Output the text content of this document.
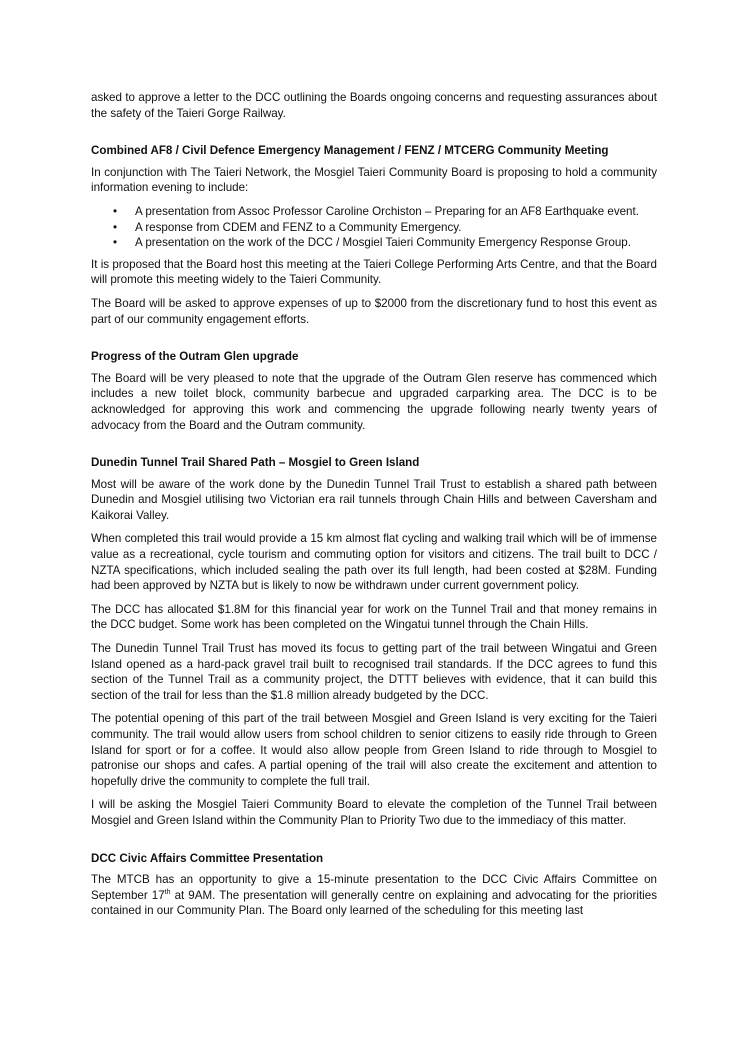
asked to approve a letter to the DCC outlining the Boards ongoing concerns and requesting assurances about the safety of the Taieri Gorge Railway.

Combined AF8 / Civil Defence Emergency Management / FENZ / MTCERG Community Meeting

In conjunction with The Taieri Network, the Mosgiel Taieri Community Board is proposing to hold a community information evening to include:

• A presentation from Assoc Professor Caroline Orchiston – Preparing for an AF8 Earthquake event.
• A response from CDEM and FENZ to a Community Emergency.
• A presentation on the work of the DCC / Mosgiel Taieri Community Emergency Response Group.

It is proposed that the Board host this meeting at the Taieri College Performing Arts Centre, and that the Board will promote this meeting widely to the Taieri Community.

The Board will be asked to approve expenses of up to $2000 from the discretionary fund to host this event as part of our community engagement efforts.

Progress of the Outram Glen upgrade

The Board will be very pleased to note that the upgrade of the Outram Glen reserve has commenced which includes a new toilet block, community barbecue and upgraded carparking area. The DCC is to be acknowledged for approving this work and commencing the upgrade following nearly twenty years of advocacy from the Board and the Outram community.

Dunedin Tunnel Trail Shared Path – Mosgiel to Green Island

Most will be aware of the work done by the Dunedin Tunnel Trail Trust to establish a shared path between Dunedin and Mosgiel utilising two Victorian era rail tunnels through Chain Hills and between Caversham and Kaikorai Valley.

When completed this trail would provide a 15 km almost flat cycling and walking trail which will be of immense value as a recreational, cycle tourism and commuting option for visitors and citizens. The trail built to DCC / NZTA specifications, which included sealing the path over its full length, had been costed at $28M. Funding had been approved by NZTA but is likely to now be withdrawn under current government policy.

The DCC has allocated $1.8M for this financial year for work on the Tunnel Trail and that money remains in the DCC budget. Some work has been completed on the Wingatui tunnel through the Chain Hills.

The Dunedin Tunnel Trail Trust has moved its focus to getting part of the trail between Wingatui and Green Island opened as a hard-pack gravel trail built to recognised trail standards. If the DCC agrees to fund this section of the Tunnel Trail as a community project, the DTTT believes with evidence, that it can build this section of the trail for less than the $1.8 million already budgeted by the DCC.

The potential opening of this part of the trail between Mosgiel and Green Island is very exciting for the Taieri community. The trail would allow users from school children to senior citizens to easily ride through to Green Island for sport or for a coffee. It would also allow people from Green Island to ride through to Mosgiel to patronise our shops and cafes. A partial opening of the trail will also create the excitement and attention to hopefully drive the community to complete the full trail.

I will be asking the Mosgiel Taieri Community Board to elevate the completion of the Tunnel Trail between Mosgiel and Green Island within the Community Plan to Priority Two due to the immediacy of this matter.

DCC Civic Affairs Committee Presentation

The MTCB has an opportunity to give a 15-minute presentation to the DCC Civic Affairs Committee on September 17th at 9AM. The presentation will generally centre on explaining and advocating for the priorities contained in our Community Plan. The Board only learned of the scheduling for this meeting last
